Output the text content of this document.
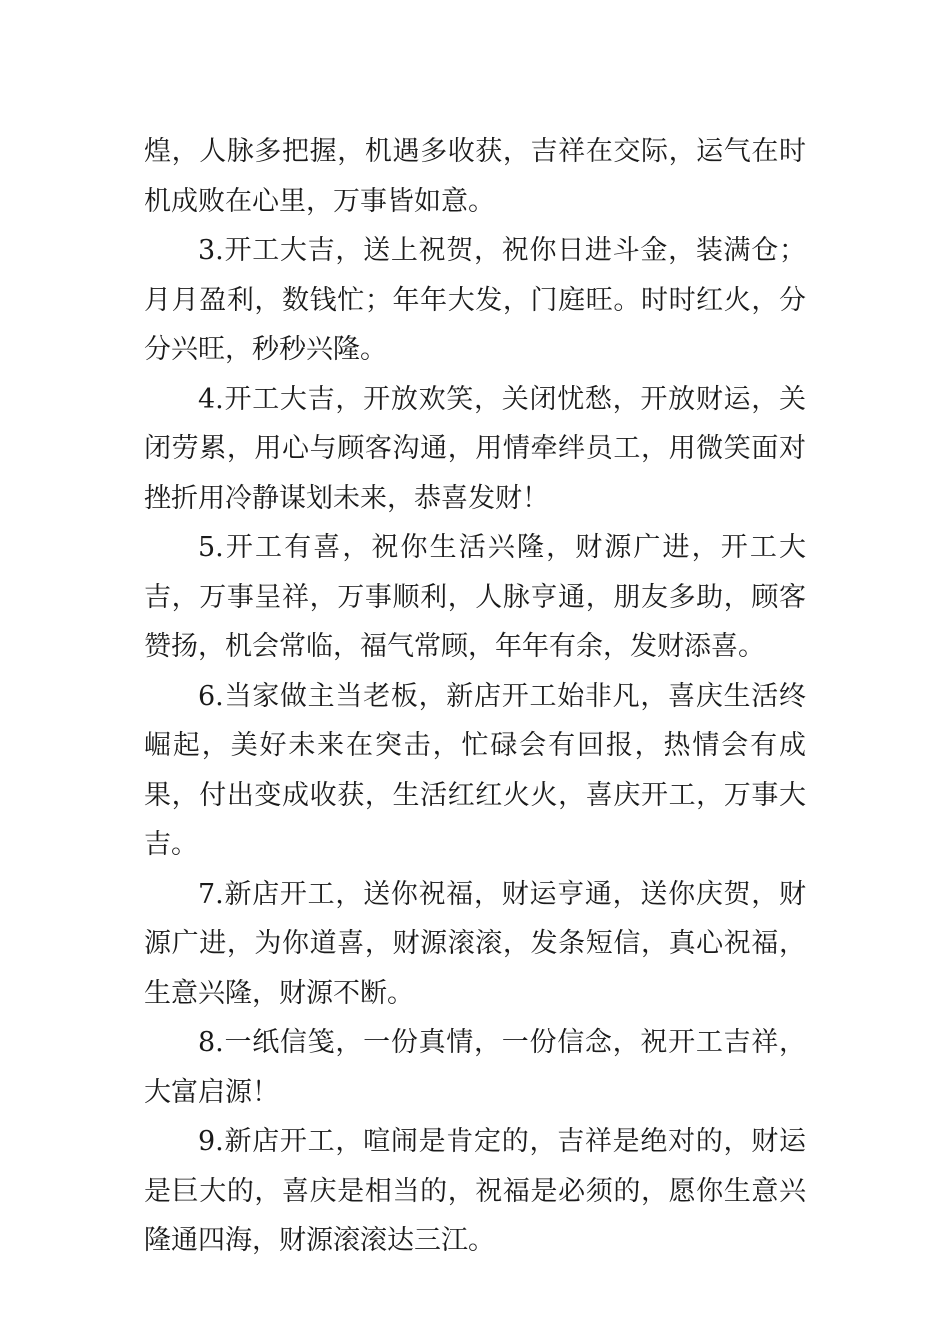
煌，人脉多把握，机遇多收获，吉祥在交际，运气在时机成败在心里，万事皆如意。

3.开工大吉，送上祝贺，祝你日进斗金，装满仓；月月盈利，数钱忙；年年大发，门庭旺。时时红火，分分兴旺，秒秒兴隆。

4.开工大吉，开放欢笑，关闭忧愁，开放财运，关闭劳累，用心与顾客沟通，用情牵绊员工，用微笑面对挫折用冷静谋划未来，恭喜发财！

5.开工有喜，祝你生活兴隆，财源广进，开工大吉，万事呈祥，万事顺利，人脉亨通，朋友多助，顾客赞扬，机会常临，福气常顾，年年有余，发财添喜。

6.当家做主当老板，新店开工始非凡，喜庆生活终崛起，美好未来在突击，忙碌会有回报，热情会有成果，付出变成收获，生活红红火火，喜庆开工，万事大吉。

7.新店开工，送你祝福，财运亨通，送你庆贺，财源广进，为你道喜，财源滚滚，发条短信，真心祝福，生意兴隆，财源不断。

8.一纸信笺，一份真情，一份信念，祝开工吉祥，大富启源！

9.新店开工，喧闹是肯定的，吉祥是绝对的，财运是巨大的，喜庆是相当的，祝福是必须的，愿你生意兴隆通四海，财源滚滚达三江。
